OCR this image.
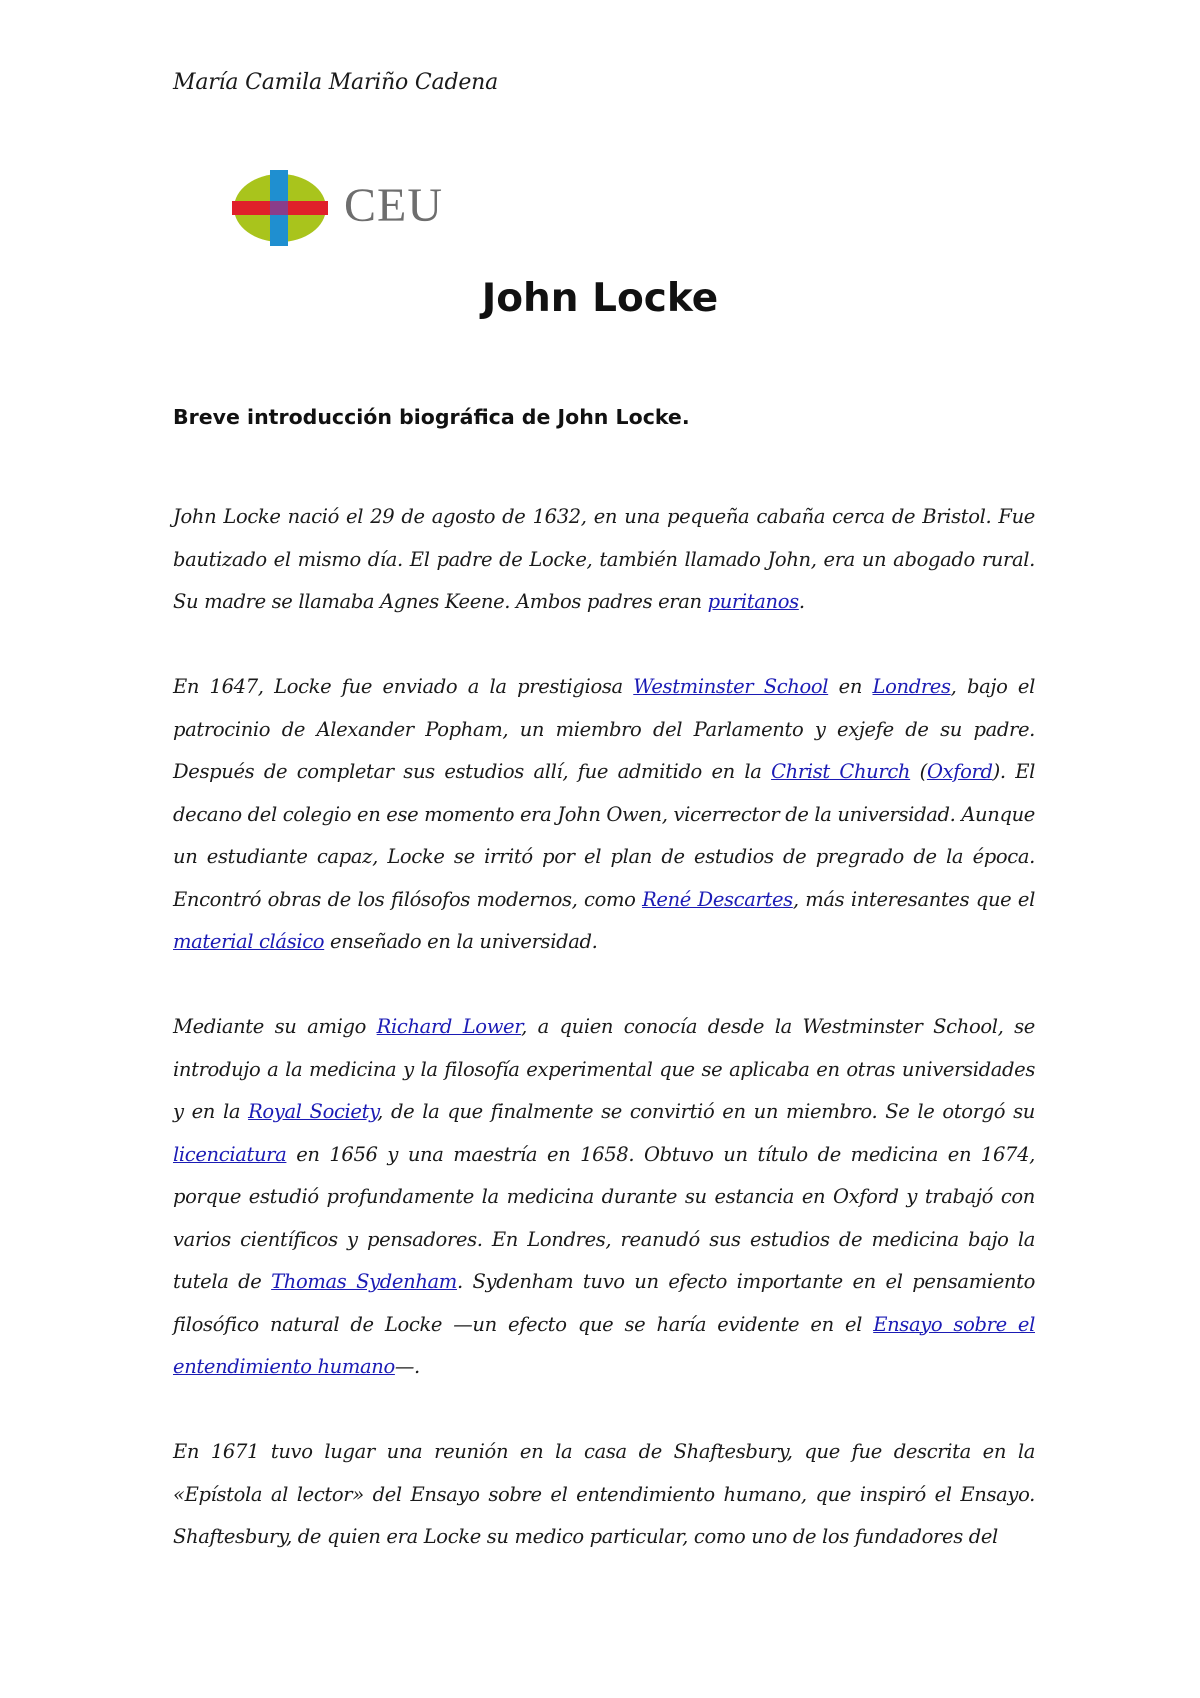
María Camila Mariño Cadena
CEU
John Locke
Breve introducción biográfica de John Locke.

John Locke nació el 29 de agosto de 1632, en una pequeña cabaña cerca de Bristol. Fue bautizado el mismo día. El padre de Locke, también llamado John, era un abogado rural. Su madre se llamaba Agnes Keene. Ambos padres eran puritanos.

En 1647, Locke fue enviado a la prestigiosa Westminster School en Londres, bajo el patrocinio de Alexander Popham, un miembro del Parlamento y exjefe de su padre. Después de completar sus estudios allí, fue admitido en la Christ Church (Oxford). El decano del colegio en ese momento era John Owen, vicerrector de la universidad. Aunque un estudiante capaz, Locke se irritó por el plan de estudios de pregrado de la época. Encontró obras de los filósofos modernos, como René Descartes, más interesantes que el material clásico enseñado en la universidad.

Mediante su amigo Richard Lower, a quien conocía desde la Westminster School, se introdujo a la medicina y la filosofía experimental que se aplicaba en otras universidades y en la Royal Society, de la que finalmente se convirtió en un miembro. Se le otorgó su licenciatura en 1656 y una maestría en 1658. Obtuvo un título de medicina en 1674, porque estudió profundamente la medicina durante su estancia en Oxford y trabajó con varios científicos y pensadores. En Londres, reanudó sus estudios de medicina bajo la tutela de Thomas Sydenham. Sydenham tuvo un efecto importante en el pensamiento filosófico natural de Locke —un efecto que se haría evidente en el Ensayo sobre el entendimiento humano—.

En 1671 tuvo lugar una reunión en la casa de Shaftesbury, que fue descrita en la «Epístola al lector» del Ensayo sobre el entendimiento humano, que inspiró el Ensayo. Shaftesbury, de quien era Locke su medico particular, como uno de los fundadores del
